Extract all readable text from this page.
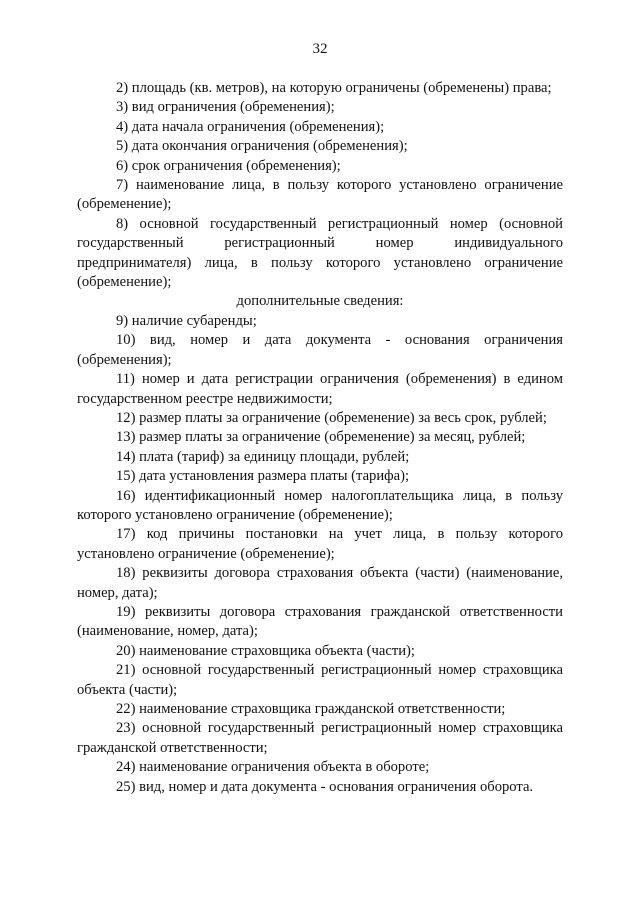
32

2) площадь (кв. метров), на которую ограничены (обременены) права;

3) вид ограничения (обременения);

4) дата начала ограничения (обременения);

5) дата окончания ограничения (обременения);

6) срок ограничения (обременения);

7) наименование лица, в пользу которого установлено ограничение (обременение);

8) основной государственный регистрационный номер (основной государственный регистрационный номер индивидуального предпринимателя) лица, в пользу которого установлено ограничение (обременение);

дополнительные сведения:

9) наличие субаренды;

10) вид, номер и дата документа - основания ограничения (обременения);

11) номер и дата регистрации ограничения (обременения) в едином государственном реестре недвижимости;

12) размер платы за ограничение (обременение) за весь срок, рублей;

13) размер платы за ограничение (обременение) за месяц, рублей;

14) плата (тариф) за единицу площади, рублей;

15) дата установления размера платы (тарифа);

16) идентификационный номер налогоплательщика лица, в пользу которого установлено ограничение (обременение);

17) код причины постановки на учет лица, в пользу которого установлено ограничение (обременение);

18) реквизиты договора страхования объекта (части) (наименование, номер, дата);

19) реквизиты договора страхования гражданской ответственности (наименование, номер, дата);

20) наименование страховщика объекта (части);

21) основной государственный регистрационный номер страховщика объекта (части);

22) наименование страховщика гражданской ответственности;

23) основной государственный регистрационный номер страховщика гражданской ответственности;

24) наименование ограничения объекта в обороте;

25) вид, номер и дата документа - основания ограничения оборота.
